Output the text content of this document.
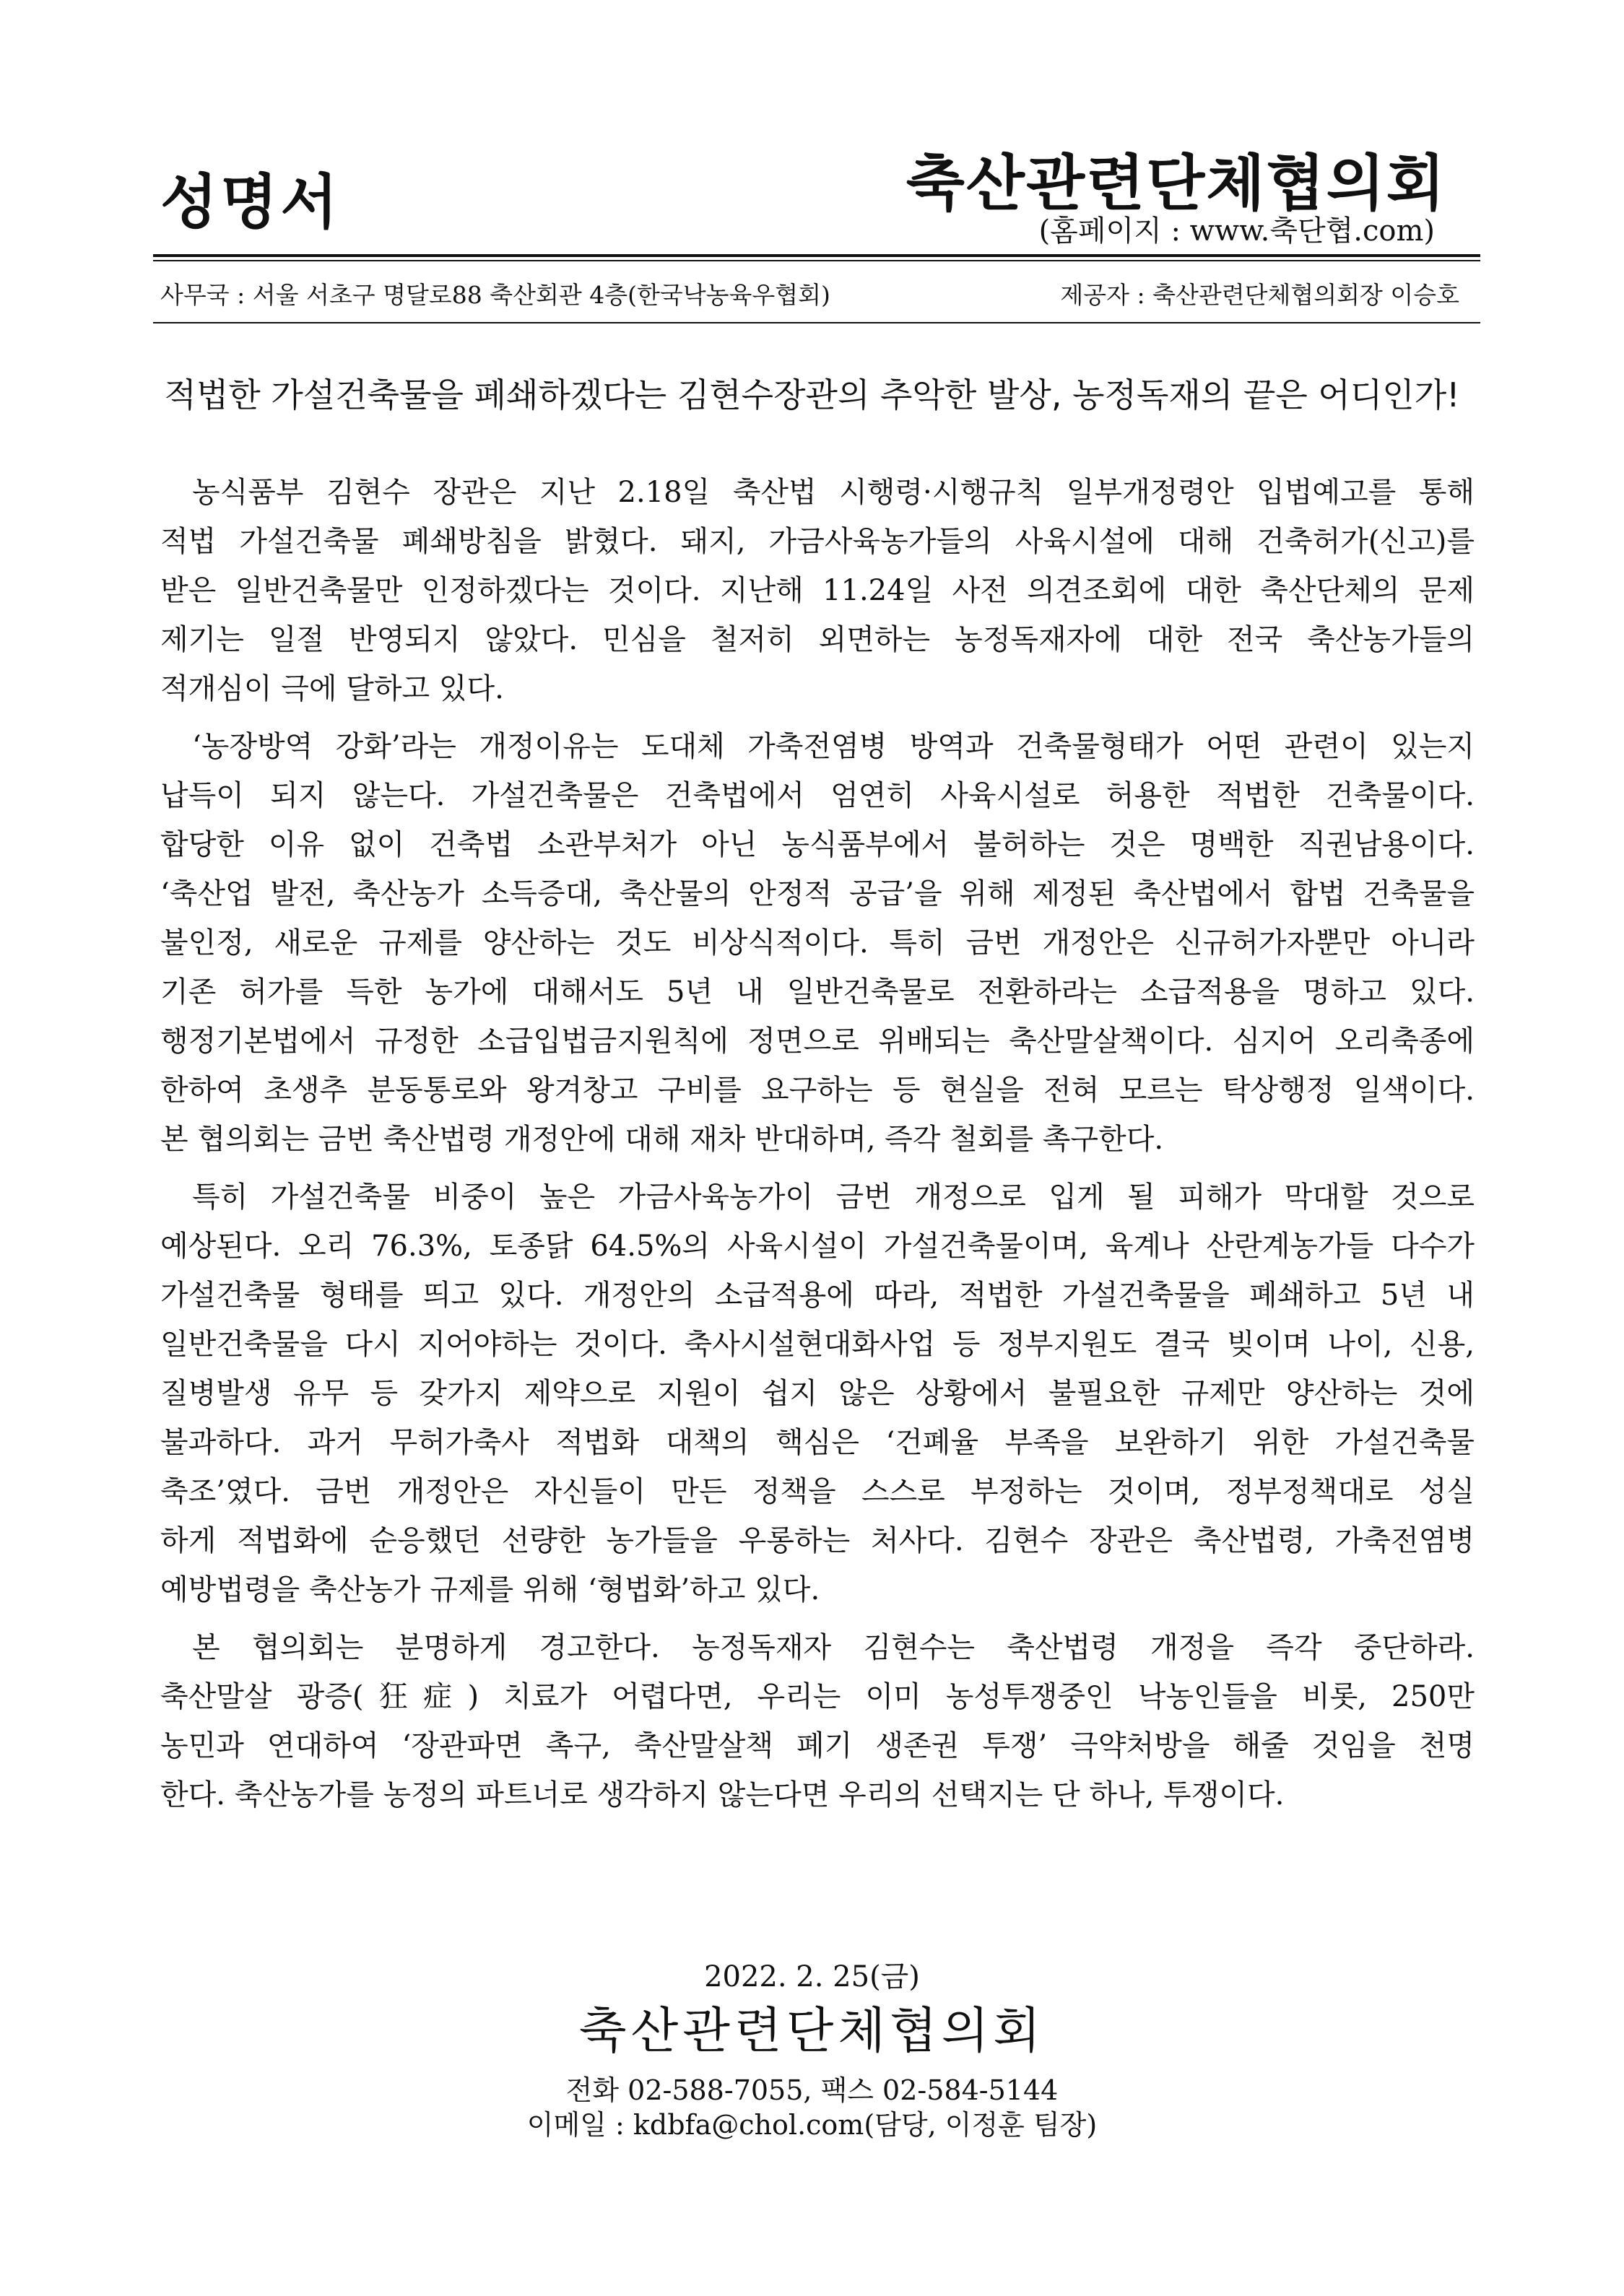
성명서	축산관련단체협의회
(홈페이지 : www.축단협.com)
사무국 : 서울 서초구 명달로88 축산회관 4층(한국낙농육우협회)	제공자 : 축산관련단체협의회장 이승호
적법한 가설건축물을 폐쇄하겠다는 김현수장관의 추악한 발상, 농정독재의 끝은 어디인가!
농식품부 김현수 장관은 지난 2.18일 축산법 시행령·시행규칙 일부개정령안 입법예고를 통해
적법 가설건축물 폐쇄방침을 밝혔다. 돼지, 가금사육농가들의 사육시설에 대해 건축허가(신고)를
받은 일반건축물만 인정하겠다는 것이다. 지난해 11.24일 사전 의견조회에 대한 축산단체의 문제
제기는 일절 반영되지 않았다. 민심을 철저히 외면하는 농정독재자에 대한 전국 축산농가들의
적개심이 극에 달하고 있다.
‘농장방역 강화’라는 개정이유는 도대체 가축전염병 방역과 건축물형태가 어떤 관련이 있는지
납득이 되지 않는다. 가설건축물은 건축법에서 엄연히 사육시설로 허용한 적법한 건축물이다.
합당한 이유 없이 건축법 소관부처가 아닌 농식품부에서 불허하는 것은 명백한 직권남용이다.
‘축산업 발전, 축산농가 소득증대, 축산물의 안정적 공급’을 위해 제정된 축산법에서 합법 건축물을
불인정, 새로운 규제를 양산하는 것도 비상식적이다. 특히 금번 개정안은 신규허가자뿐만 아니라
기존 허가를 득한 농가에 대해서도 5년 내 일반건축물로 전환하라는 소급적용을 명하고 있다.
행정기본법에서 규정한 소급입법금지원칙에 정면으로 위배되는 축산말살책이다. 심지어 오리축종에
한하여 초생추 분동통로와 왕겨창고 구비를 요구하는 등 현실을 전혀 모르는 탁상행정 일색이다.
본 협의회는 금번 축산법령 개정안에 대해 재차 반대하며, 즉각 철회를 촉구한다.
특히 가설건축물 비중이 높은 가금사육농가이 금번 개정으로 입게 될 피해가 막대할 것으로
예상된다. 오리 76.3%, 토종닭 64.5%의 사육시설이 가설건축물이며, 육계나 산란계농가들 다수가
가설건축물 형태를 띄고 있다. 개정안의 소급적용에 따라, 적법한 가설건축물을 폐쇄하고 5년 내
일반건축물을 다시 지어야하는 것이다. 축사시설현대화사업 등 정부지원도 결국 빚이며 나이, 신용,
질병발생 유무 등 갖가지 제약으로 지원이 쉽지 않은 상황에서 불필요한 규제만 양산하는 것에
불과하다. 과거 무허가축사 적법화 대책의 핵심은 ‘건폐율 부족을 보완하기 위한 가설건축물
축조’였다. 금번 개정안은 자신들이 만든 정책을 스스로 부정하는 것이며, 정부정책대로 성실
하게 적법화에 순응했던 선량한 농가들을 우롱하는 처사다. 김현수 장관은 축산법령, 가축전염병
예방법령을 축산농가 규제를 위해 ‘형법화’하고 있다.
본 협의회는 분명하게 경고한다. 농정독재자 김현수는 축산법령 개정을 즉각 중단하라.
축산말살 광증(狂症) 치료가 어렵다면, 우리는 이미 농성투쟁중인 낙농인들을 비롯, 250만
농민과 연대하여 ‘장관파면 촉구, 축산말살책 폐기 생존권 투쟁’ 극약처방을 해줄 것임을 천명
한다. 축산농가를 농정의 파트너로 생각하지 않는다면 우리의 선택지는 단 하나, 투쟁이다.
2022. 2. 25(금)
축산관련단체협의회
전화 02-588-7055, 팩스 02-584-5144
이메일 : kdbfa@chol.com(담당, 이정훈 팀장)
